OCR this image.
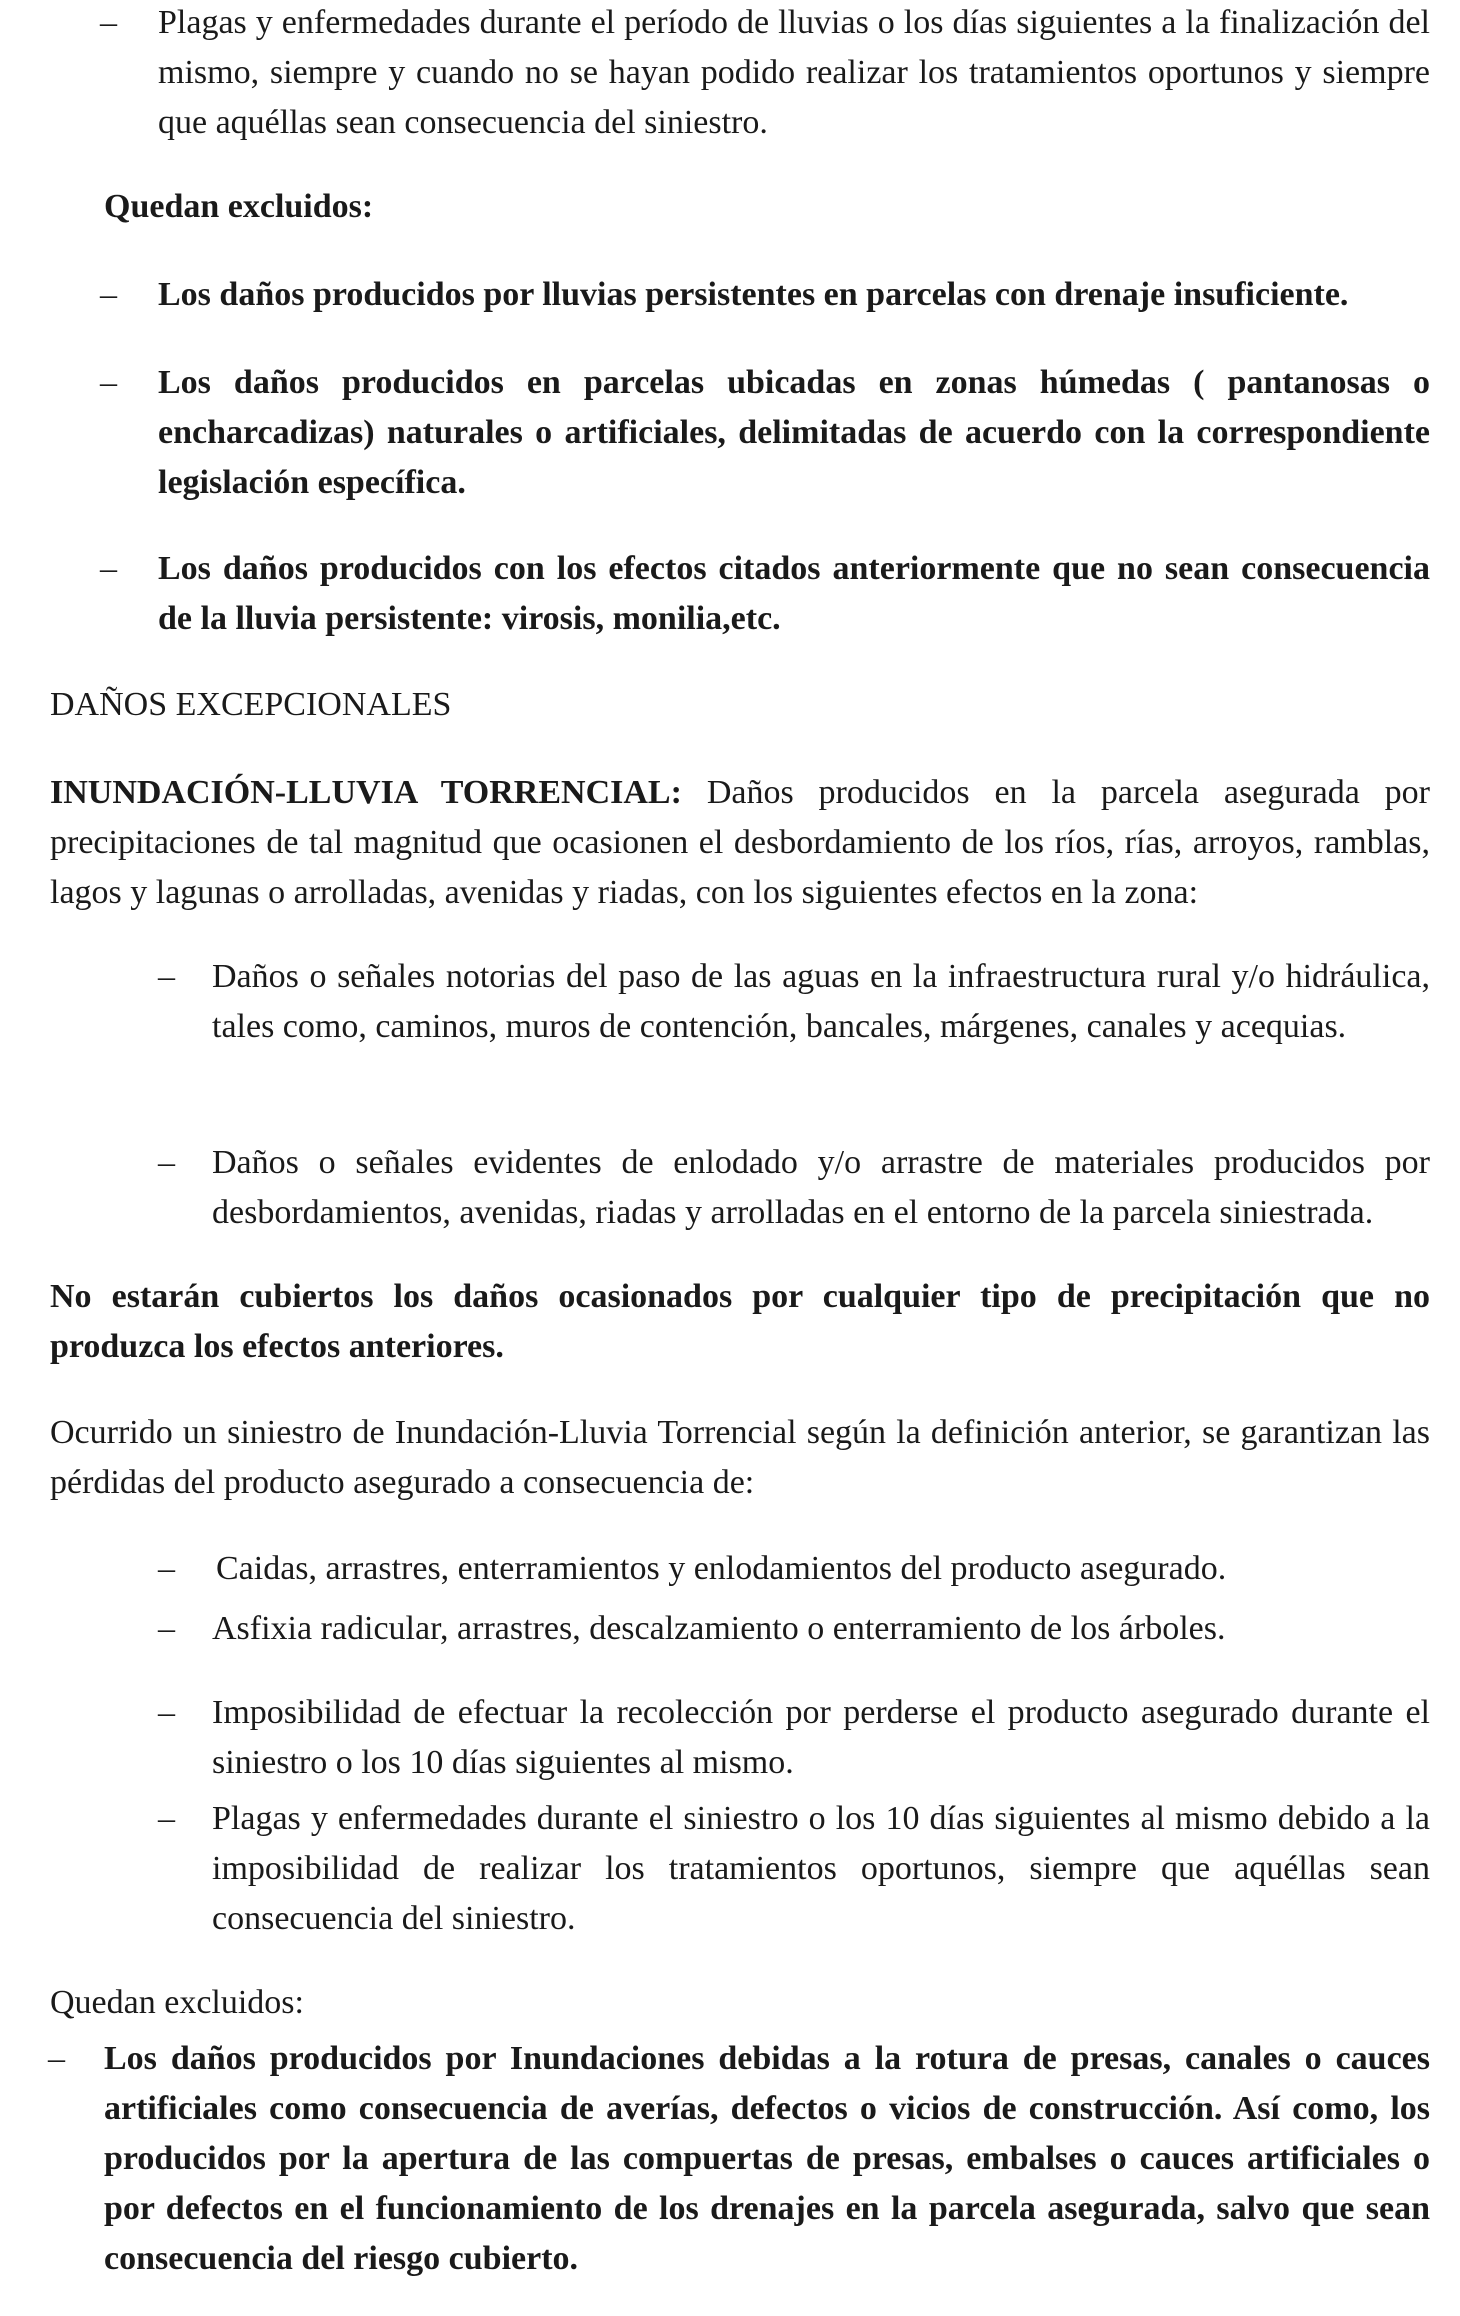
– Plagas y enfermedades durante el período de lluvias o los días siguientes a la finalización del mismo, siempre y cuando no se hayan podido realizar los tratamientos oportunos y siempre que aquéllas sean consecuencia del siniestro.
Quedan excluidos:
– Los daños producidos por lluvias persistentes en parcelas con drenaje insuficiente.
– Los daños producidos en parcelas ubicadas en zonas húmedas ( pantanosas o encharcadizas) naturales o artificiales, delimitadas de acuerdo con la correspondiente legislación específica.
– Los daños producidos con los efectos citados anteriormente que no sean consecuencia de la lluvia persistente: virosis, monilia,etc.
DAÑOS EXCEPCIONALES
INUNDACIÓN-LLUVIA TORRENCIAL: Daños producidos en la parcela asegurada por precipitaciones de tal magnitud que ocasionen el desbordamiento de los ríos, rías, arroyos, ramblas, lagos y lagunas o arrolladas, avenidas y riadas, con los siguientes efectos en la zona:
– Daños o señales notorias del paso de las aguas en la infraestructura rural y/o hidráulica, tales como, caminos, muros de contención, bancales, márgenes, canales y acequias.
– Daños o señales evidentes de enlodado y/o arrastre de materiales producidos por desbordamientos, avenidas, riadas y arrolladas en el entorno de la parcela siniestrada.
No estarán cubiertos los daños ocasionados por cualquier tipo de precipitación que no produzca los efectos anteriores.
Ocurrido un siniestro de Inundación-Lluvia Torrencial según la definición anterior, se garantizan las pérdidas del producto asegurado a consecuencia de:
– Caidas, arrastres, enterramientos y enlodamientos del producto asegurado.
– Asfixia radicular, arrastres, descalzamiento o enterramiento de los árboles.
– Imposibilidad de efectuar la recolección por perderse el producto asegurado durante el siniestro o los 10 días siguientes al mismo.
– Plagas y enfermedades durante el siniestro o los 10 días siguientes al mismo debido a la imposibilidad de realizar los tratamientos oportunos, siempre que aquéllas sean consecuencia del siniestro.
Quedan excluidos:
– Los daños producidos por Inundaciones debidas a la rotura de presas, canales o cauces artificiales como consecuencia de averías, defectos o vicios de construcción. Así como, los producidos por la apertura de las compuertas de presas, embalses o cauces artificiales o por defectos en el funcionamiento de los drenajes en la parcela asegurada, salvo que sean consecuencia del riesgo cubierto.
